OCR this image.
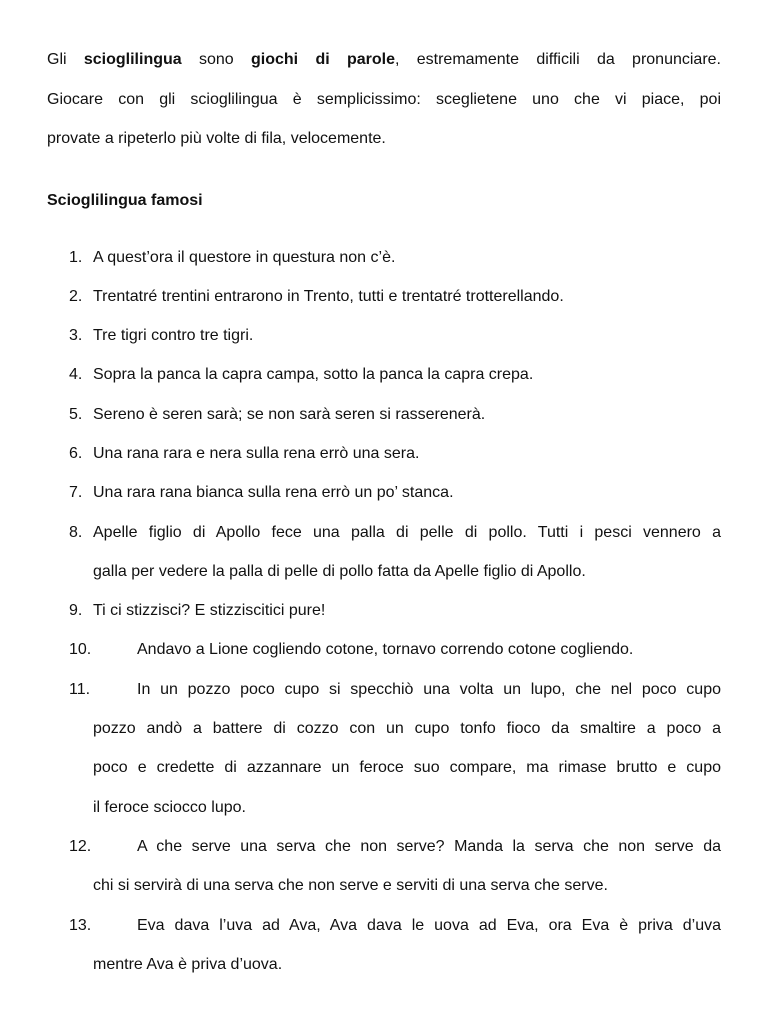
Gli scioglilingua sono giochi di parole, estremamente difficili da pronunciare.
Giocare con gli scioglilingua è semplicissimo: sceglietene uno che vi piace, poi
provate a ripeterlo più volte di fila, velocemente.

Scioglilingua famosi

1. A quest’ora il questore in questura non c’è.
2. Trentatré trentini entrarono in Trento, tutti e trentatré trotterellando.
3. Tre tigri contro tre tigri.
4. Sopra la panca la capra campa, sotto la panca la capra crepa.
5. Sereno è seren sarà; se non sarà seren si rasserenerà.
6. Una rana rara e nera sulla rena errò una sera.
7. Una rara rana bianca sulla rena errò un po’ stanca.
8. Apelle figlio di Apollo fece una palla di pelle di pollo. Tutti i pesci vennero a
galla per vedere la palla di pelle di pollo fatta da Apelle figlio di Apollo.
9. Ti ci stizzisci? E stizziscitici pure!
10.	Andavo a Lione cogliendo cotone, tornavo correndo cotone cogliendo.
11.	In un pozzo poco cupo si specchiò una volta un lupo, che nel poco cupo
pozzo andò a battere di cozzo con un cupo tonfo fioco da smaltire a poco a
poco e credette di azzannare un feroce suo compare, ma rimase brutto e cupo
il feroce sciocco lupo.
12.	A che serve una serva che non serve? Manda la serva che non serve da
chi si servirà di una serva che non serve e serviti di una serva che serve.
13.	Eva dava l’uva ad Ava, Ava dava le uova ad Eva, ora Eva è priva d’uva
mentre Ava è priva d’uova.
